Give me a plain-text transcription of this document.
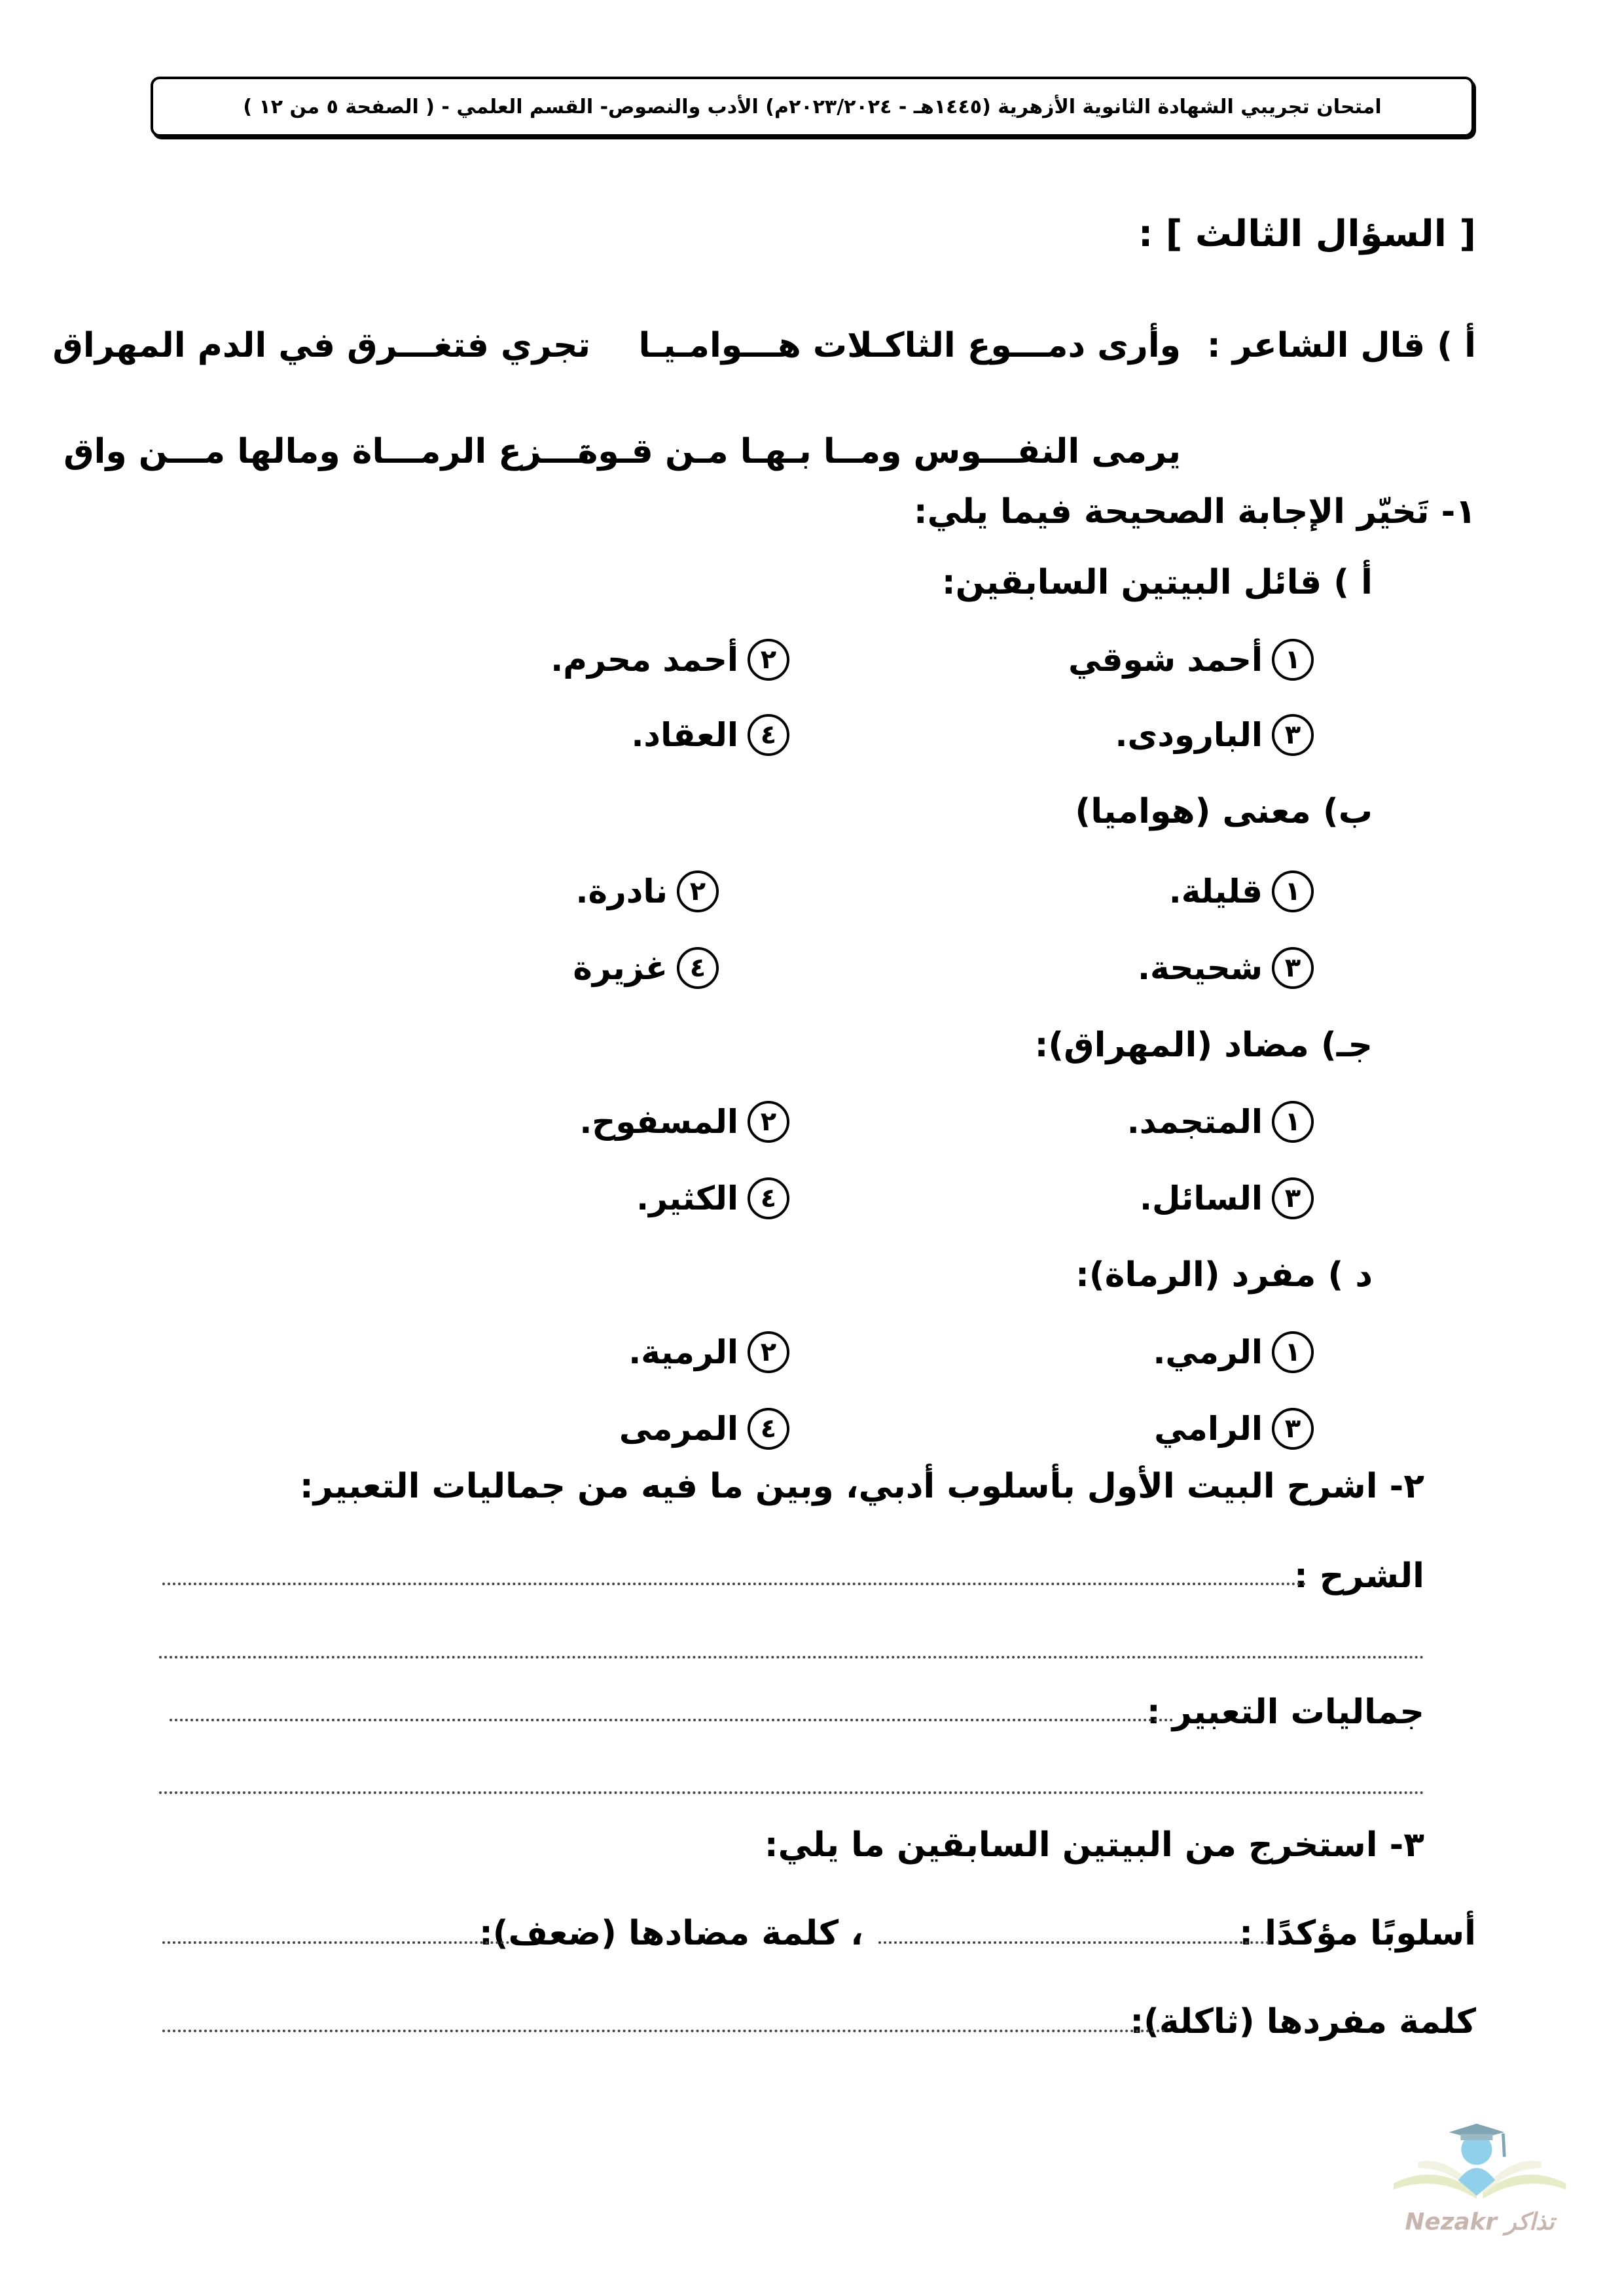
امتحان تجريبي الشهادة الثانوية الأزهرية (١٤٤٥هـ - ٢٠٢٣/٢٠٢٤م) الأدب والنصوص- القسم العلمي - ( الصفحة ٥ من ١٢ )
[ السؤال الثالث ] :
أ ) قال الشاعر :
وأرى دمـــوع الثاكـلات هـــوامـيـا
تجري فتغـــرق في الدم المهراق
يرمى النفـــوس ومــا بـهـا مـن قـوة
تـــزع الرمـــاة ومالها مـــن واق
١- تَخيّر الإجابة الصحيحة فيما يلي:
أ ) قائل البيتين السابقين:
١
أحمد شوقي
٢
أحمد محرم.
٣
البارودى.
٤
العقاد.
ب) معنى (هواميا)
١
قليلة.
٢
نادرة.
٣
شحيحة.
٤
غزيرة
جـ) مضاد (المهراق):
١
المتجمد.
٢
المسفوح.
٣
السائل.
٤
الكثير.
د ) مفرد (الرماة):
١
الرمي.
٢
الرمية.
٣
الرامي
٤
المرمى
٢- اشرح البيت الأول بأسلوب أدبي، وبين ما فيه من جماليات التعبير:
الشرح :
جماليات التعبير :
٣- استخرج من البيتين السابقين ما يلي:
أسلوبًا مؤكدًا :
، كلمة مضادها (ضعف):
كلمة مفردها (ثاكلة):
Nezakr تذاكر
